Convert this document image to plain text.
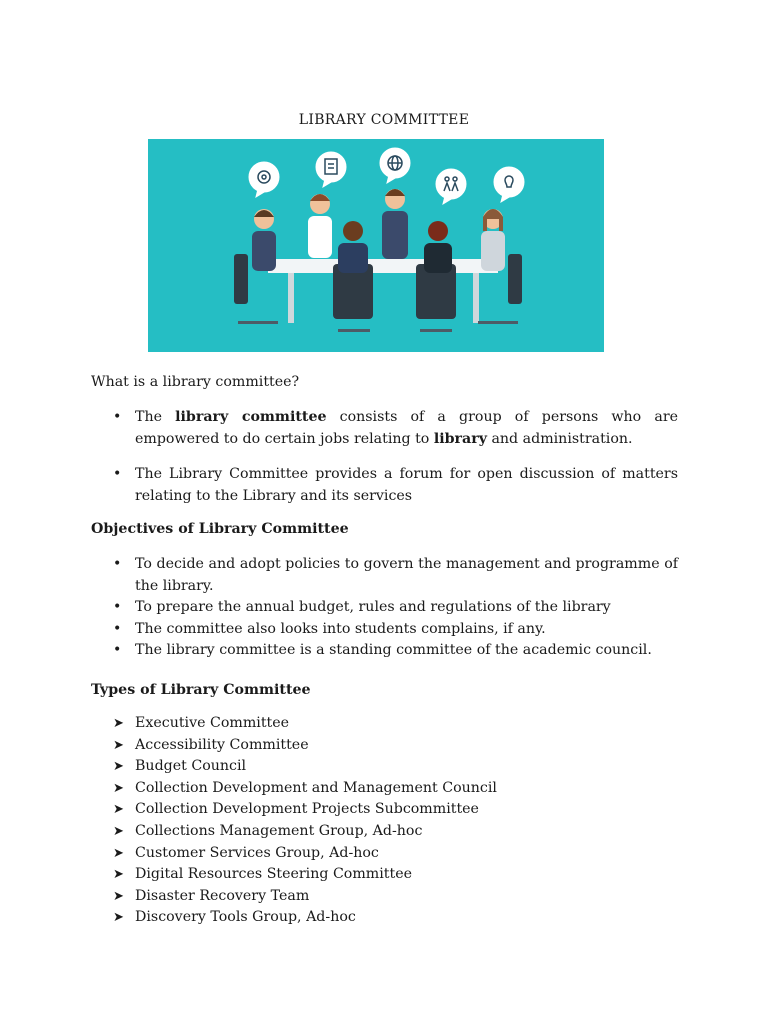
LIBRARY COMMITTEE
What is a library committee?
• The library committee consists of a group of persons who are empowered to do certain jobs relating to library and administration.
• The Library Committee provides a forum for open discussion of matters relating to the Library and its services
Objectives of Library Committee
• To decide and adopt policies to govern the management and programme of the library.
• To prepare the annual budget, rules and regulations of the library
• The committee also looks into students complains, if any.
• The library committee is a standing committee of the academic council.
Types of Library Committee
➤ Executive Committee
➤ Accessibility Committee
➤ Budget Council
➤ Collection Development and Management Council
➤ Collection Development Projects Subcommittee
➤ Collections Management Group, Ad-hoc
➤ Customer Services Group, Ad-hoc
➤ Digital Resources Steering Committee
➤ Disaster Recovery Team
➤ Discovery Tools Group, Ad-hoc
